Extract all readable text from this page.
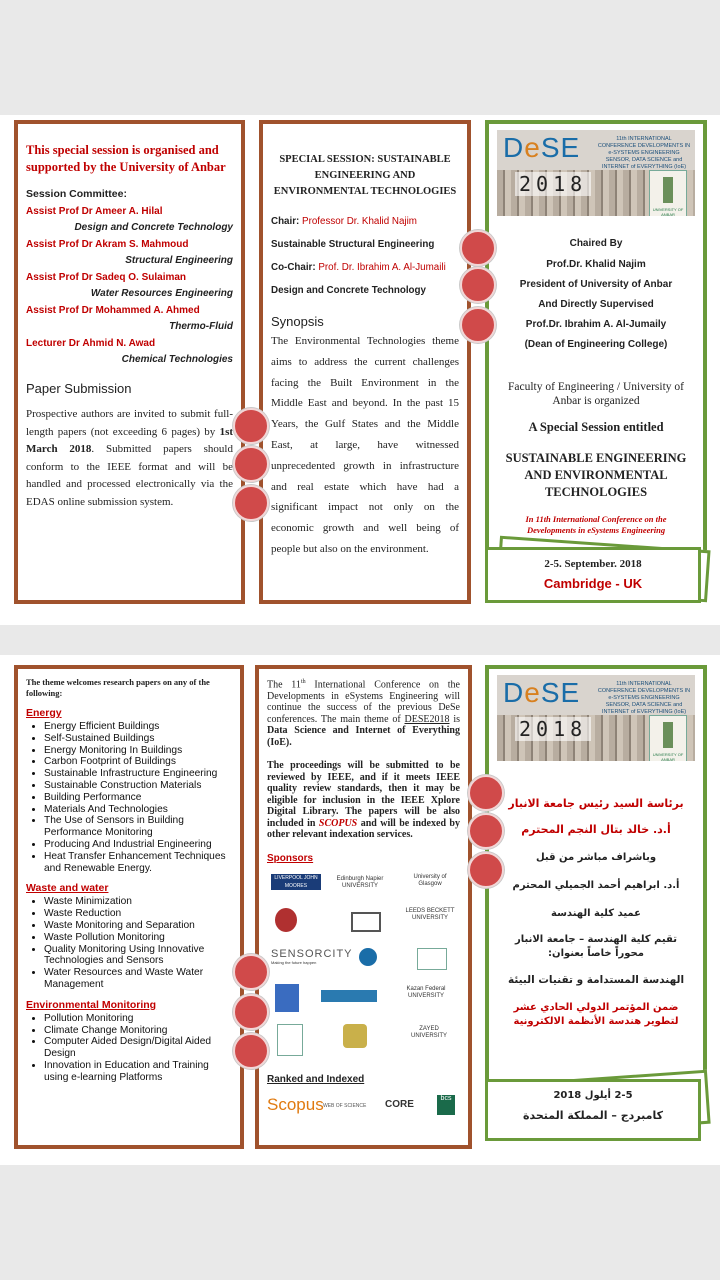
This special session is organised and supported by the University of Anbar
Session Committee:
Assist Prof Dr Ameer A. Hilal
Design and Concrete Technology
Assist Prof Dr Akram S. Mahmoud
Structural Engineering
Assist Prof Dr Sadeq O. Sulaiman
Water Resources Engineering
Assist Prof Dr Mohammed A. Ahmed
Thermo-Fluid
Lecturer Dr Ahmid N. Awad
Chemical Technologies
Paper Submission
Prospective authors are invited to submit full-length papers (not exceeding 6 pages) by 1st March 2018. Submitted papers should conform to the IEEE format and will be handled and processed electronically via the EDAS online submission system.
SPECIAL SESSION: SUSTAINABLE ENGINEERING AND ENVIRONMENTAL TECHNOLOGIES
Chair: Professor Dr. Khalid Najim
Sustainable Structural Engineering
Co-Chair: Prof. Dr. Ibrahim A. Al-Jumaili
Design and Concrete Technology
Synopsis
The Environmental Technologies theme aims to address the current challenges facing the Built Environment in the Middle East and beyond. In the past 15 Years, the Gulf States and the Middle East, at large, have witnessed unprecedented growth in infrastructure and real estate which have had a significant impact not only on the economic growth and well being of people but also on the environment.
DeSE
2018
11th INTERNATIONAL CONFERENCE DEVELOPMENTS IN e-SYSTEMS ENGINEERING SENSOR, DATA SCIENCE and INTERNET of EVERYTHING (IoE)
UNIVERSITY OF ANBAR
Chaired By
Prof.Dr. Khalid Najim
President of University of Anbar
And Directly Supervised
Prof.Dr. Ibrahim A. Al-Jumaily
(Dean of Engineering College)
Faculty of Engineering / University of Anbar is organized
A Special Session entitled
SUSTAINABLE ENGINEERING AND ENVIRONMENTAL TECHNOLOGIES
In 11th International Conference on the Developments in eSystems Engineering
2-5. September. 2018
Cambridge - UK
The theme welcomes research papers on any of the following:
Energy
• Energy Efficient Buildings
• Self-Sustained Buildings
• Energy Monitoring In Buildings
• Carbon Footprint of Buildings
• Sustainable Infrastructure Engineering
• Sustainable Construction Materials
• Building Performance
• Materials And Technologies
• The Use of Sensors in Building Performance Monitoring
• Producing And Industrial Engineering
• Heat Transfer Enhancement Techniques and Renewable Energy.
Waste and water
• Waste Minimization
• Waste Reduction
• Waste Monitoring and Separation
• Waste Pollution Monitoring
• Quality Monitoring Using Innovative Technologies and Sensors
• Water Resources and Waste Water Management
Environmental Monitoring
• Pollution Monitoring
• Climate Change Monitoring
• Computer Aided Design/Digital Aided Design
• Innovation in Education and Training using e-learning Platforms
The 11th International Conference on the Developments in eSystems Engineering will continue the success of the previous DeSe conferences. The main theme of DESE2018 is Data Science and Internet of Everything (IoE).
The proceedings will be submitted to be reviewed by IEEE, and if it meets IEEE quality review standards, then it may be eligible for inclusion in the IEEE Xplore Digital Library. The papers will be also included in SCOPUS and will be indexed by other relevant indexation services.
Sponsors
LIVERPOOL JOHN MOORES UNIVERSITY
Edinburgh Napier UNIVERSITY
University of Glasgow
LEEDS BECKETT UNIVERSITY
SENSORCITY
Making the future happen
Kazan Federal UNIVERSITY
ZAYED UNIVERSITY
Ranked and Indexed
Scopus WEB OF SCIENCE CORE
bcs
DeSE
2018
11th INTERNATIONAL CONFERENCE DEVELOPMENTS IN e-SYSTEMS ENGINEERING SENSOR, DATA SCIENCE and INTERNET of EVERYTHING (IoE)
UNIVERSITY OF ANBAR
برئاسة السيد رئيس جامعة الانبار
أ.د. خالد بتال النجم المحترم
وباشراف مباشر من قبل
أ.د. ابراهيم أحمد الجميلي المحترم
عميد كلية الهندسة
تقيم كلية الهندسة – جامعة الانبار محوراً خاصاً بعنوان:
الهندسة المستدامة و تقنيات البيئة
ضمن المؤتمر الدولي الحادي عشر لتطوير هندسة الأنظمة الالكترونية
2-5 أيلول 2018
كامبردج – المملكة المتحدة
